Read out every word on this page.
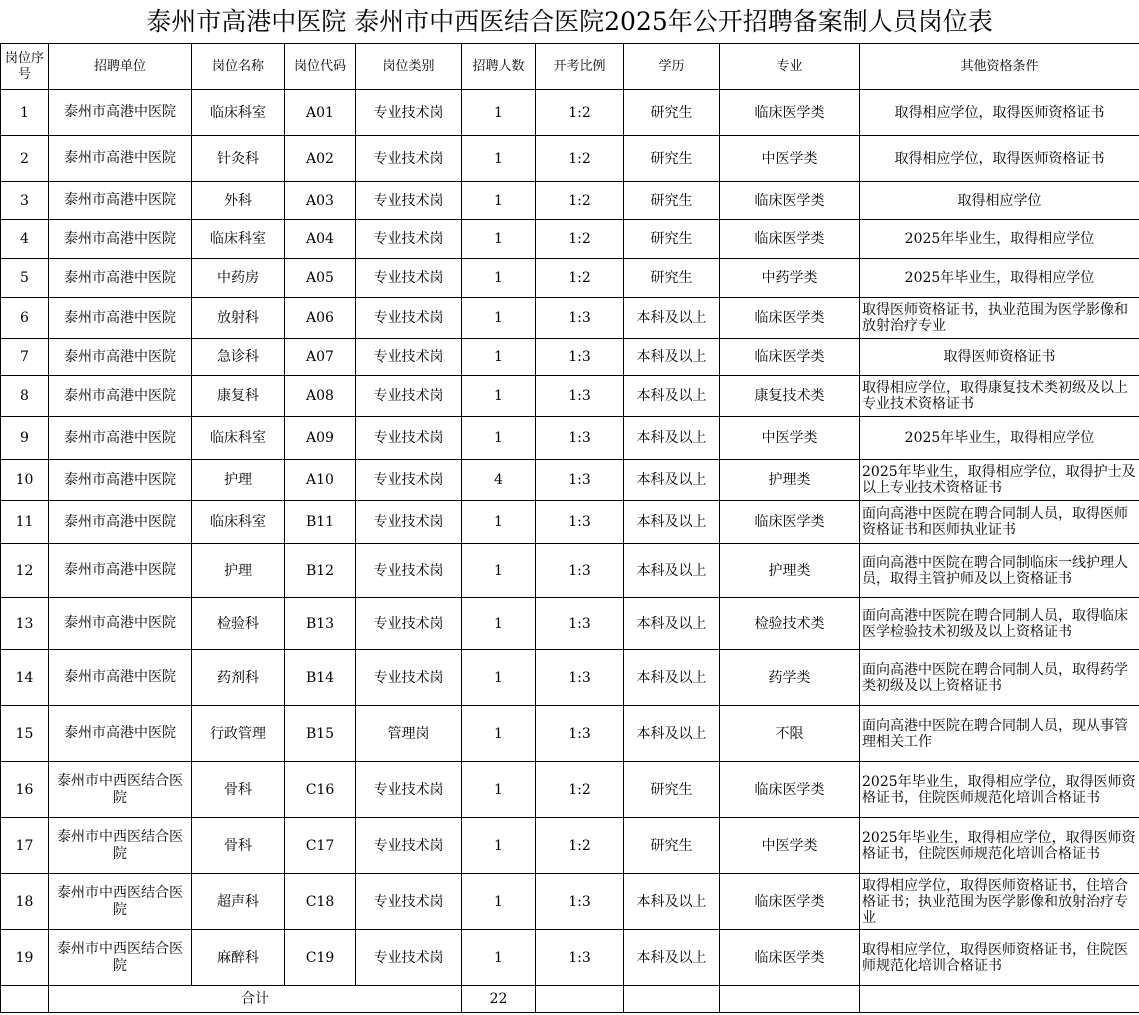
泰州市高港中医院 泰州市中西医结合医院2025年公开招聘备案制人员岗位表
岗位序号	招聘单位	岗位名称	岗位代码	岗位类别	招聘人数	开考比例	学历	专业	其他资格条件
1	泰州市高港中医院	临床科室	A01	专业技术岗	1	1:2	研究生	临床医学类	取得相应学位，取得医师资格证书
2	泰州市高港中医院	针灸科	A02	专业技术岗	1	1:2	研究生	中医学类	取得相应学位，取得医师资格证书
3	泰州市高港中医院	外科	A03	专业技术岗	1	1:2	研究生	临床医学类	取得相应学位
4	泰州市高港中医院	临床科室	A04	专业技术岗	1	1:2	研究生	临床医学类	2025年毕业生，取得相应学位
5	泰州市高港中医院	中药房	A05	专业技术岗	1	1:2	研究生	中药学类	2025年毕业生，取得相应学位
6	泰州市高港中医院	放射科	A06	专业技术岗	1	1:3	本科及以上	临床医学类	取得医师资格证书，执业范围为医学影像和放射治疗专业
7	泰州市高港中医院	急诊科	A07	专业技术岗	1	1:3	本科及以上	临床医学类	取得医师资格证书
8	泰州市高港中医院	康复科	A08	专业技术岗	1	1:3	本科及以上	康复技术类	取得相应学位，取得康复技术类初级及以上专业技术资格证书
9	泰州市高港中医院	临床科室	A09	专业技术岗	1	1:3	本科及以上	中医学类	2025年毕业生，取得相应学位
10	泰州市高港中医院	护理	A10	专业技术岗	4	1:3	本科及以上	护理类	2025年毕业生，取得相应学位，取得护士及以上专业技术资格证书
11	泰州市高港中医院	临床科室	B11	专业技术岗	1	1:3	本科及以上	临床医学类	面向高港中医院在聘合同制人员，取得医师资格证书和医师执业证书
12	泰州市高港中医院	护理	B12	专业技术岗	1	1:3	本科及以上	护理类	面向高港中医院在聘合同制临床一线护理人员，取得主管护师及以上资格证书
13	泰州市高港中医院	检验科	B13	专业技术岗	1	1:3	本科及以上	检验技术类	面向高港中医院在聘合同制人员，取得临床医学检验技术初级及以上资格证书
14	泰州市高港中医院	药剂科	B14	专业技术岗	1	1:3	本科及以上	药学类	面向高港中医院在聘合同制人员，取得药学类初级及以上资格证书
15	泰州市高港中医院	行政管理	B15	管理岗	1	1:3	本科及以上	不限	面向高港中医院在聘合同制人员，现从事管理相关工作
16	泰州市中西医结合医院	骨科	C16	专业技术岗	1	1:2	研究生	临床医学类	2025年毕业生，取得相应学位，取得医师资格证书，住院医师规范化培训合格证书
17	泰州市中西医结合医院	骨科	C17	专业技术岗	1	1:2	研究生	中医学类	2025年毕业生，取得相应学位，取得医师资格证书，住院医师规范化培训合格证书
18	泰州市中西医结合医院	超声科	C18	专业技术岗	1	1:3	本科及以上	临床医学类	取得相应学位，取得医师资格证书，住培合格证书；执业范围为医学影像和放射治疗专业
19	泰州市中西医结合医院	麻醉科	C19	专业技术岗	1	1:3	本科及以上	临床医学类	取得相应学位，取得医师资格证书，住院医师规范化培训合格证书
	合计				22				
